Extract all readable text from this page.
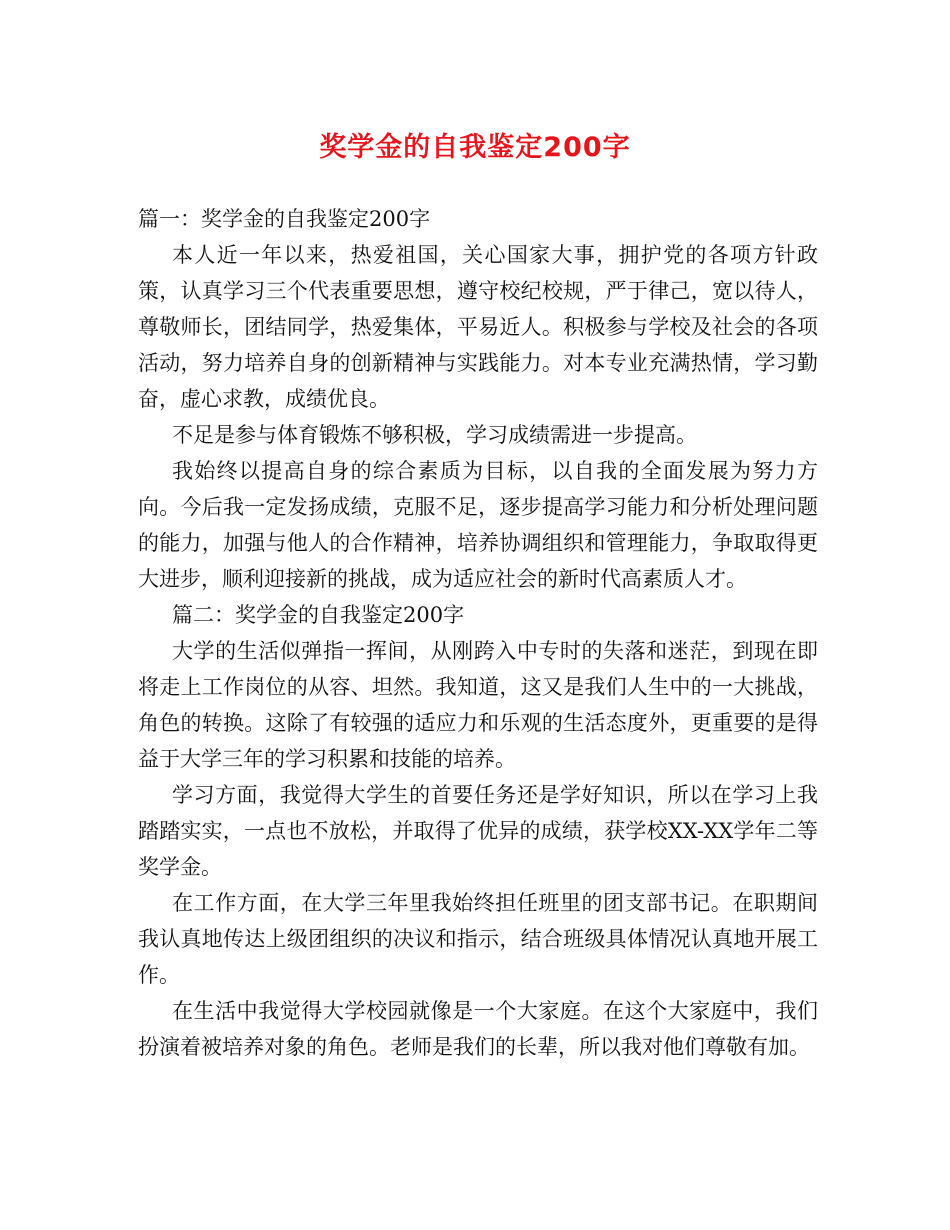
奖学金的自我鉴定200字

篇一：奖学金的自我鉴定200字

本人近一年以来，热爱祖国，关心国家大事，拥护党的各项方针政策，认真学习三个代表重要思想，遵守校纪校规，严于律己，宽以待人，尊敬师长，团结同学，热爱集体，平易近人。积极参与学校及社会的各项活动，努力培养自身的创新精神与实践能力。对本专业充满热情，学习勤奋，虚心求教，成绩优良。

不足是参与体育锻炼不够积极，学习成绩需进一步提高。

我始终以提高自身的综合素质为目标，以自我的全面发展为努力方向。今后我一定发扬成绩，克服不足，逐步提高学习能力和分析处理问题的能力，加强与他人的合作精神，培养协调组织和管理能力，争取取得更大进步，顺利迎接新的挑战，成为适应社会的新时代高素质人才。

篇二：奖学金的自我鉴定200字

大学的生活似弹指一挥间，从刚跨入中专时的失落和迷茫，到现在即将走上工作岗位的从容、坦然。我知道，这又是我们人生中的一大挑战，角色的转换。这除了有较强的适应力和乐观的生活态度外，更重要的是得益于大学三年的学习积累和技能的培养。

学习方面，我觉得大学生的首要任务还是学好知识，所以在学习上我踏踏实实，一点也不放松，并取得了优异的成绩，获学校XX-XX学年二等奖学金。

在工作方面，在大学三年里我始终担任班里的团支部书记。在职期间我认真地传达上级团组织的决议和指示，结合班级具体情况认真地开展工作。

在生活中我觉得大学校园就像是一个大家庭。在这个大家庭中，我们扮演着被培养对象的角色。老师是我们的长辈，所以我对他们尊敬有加。
